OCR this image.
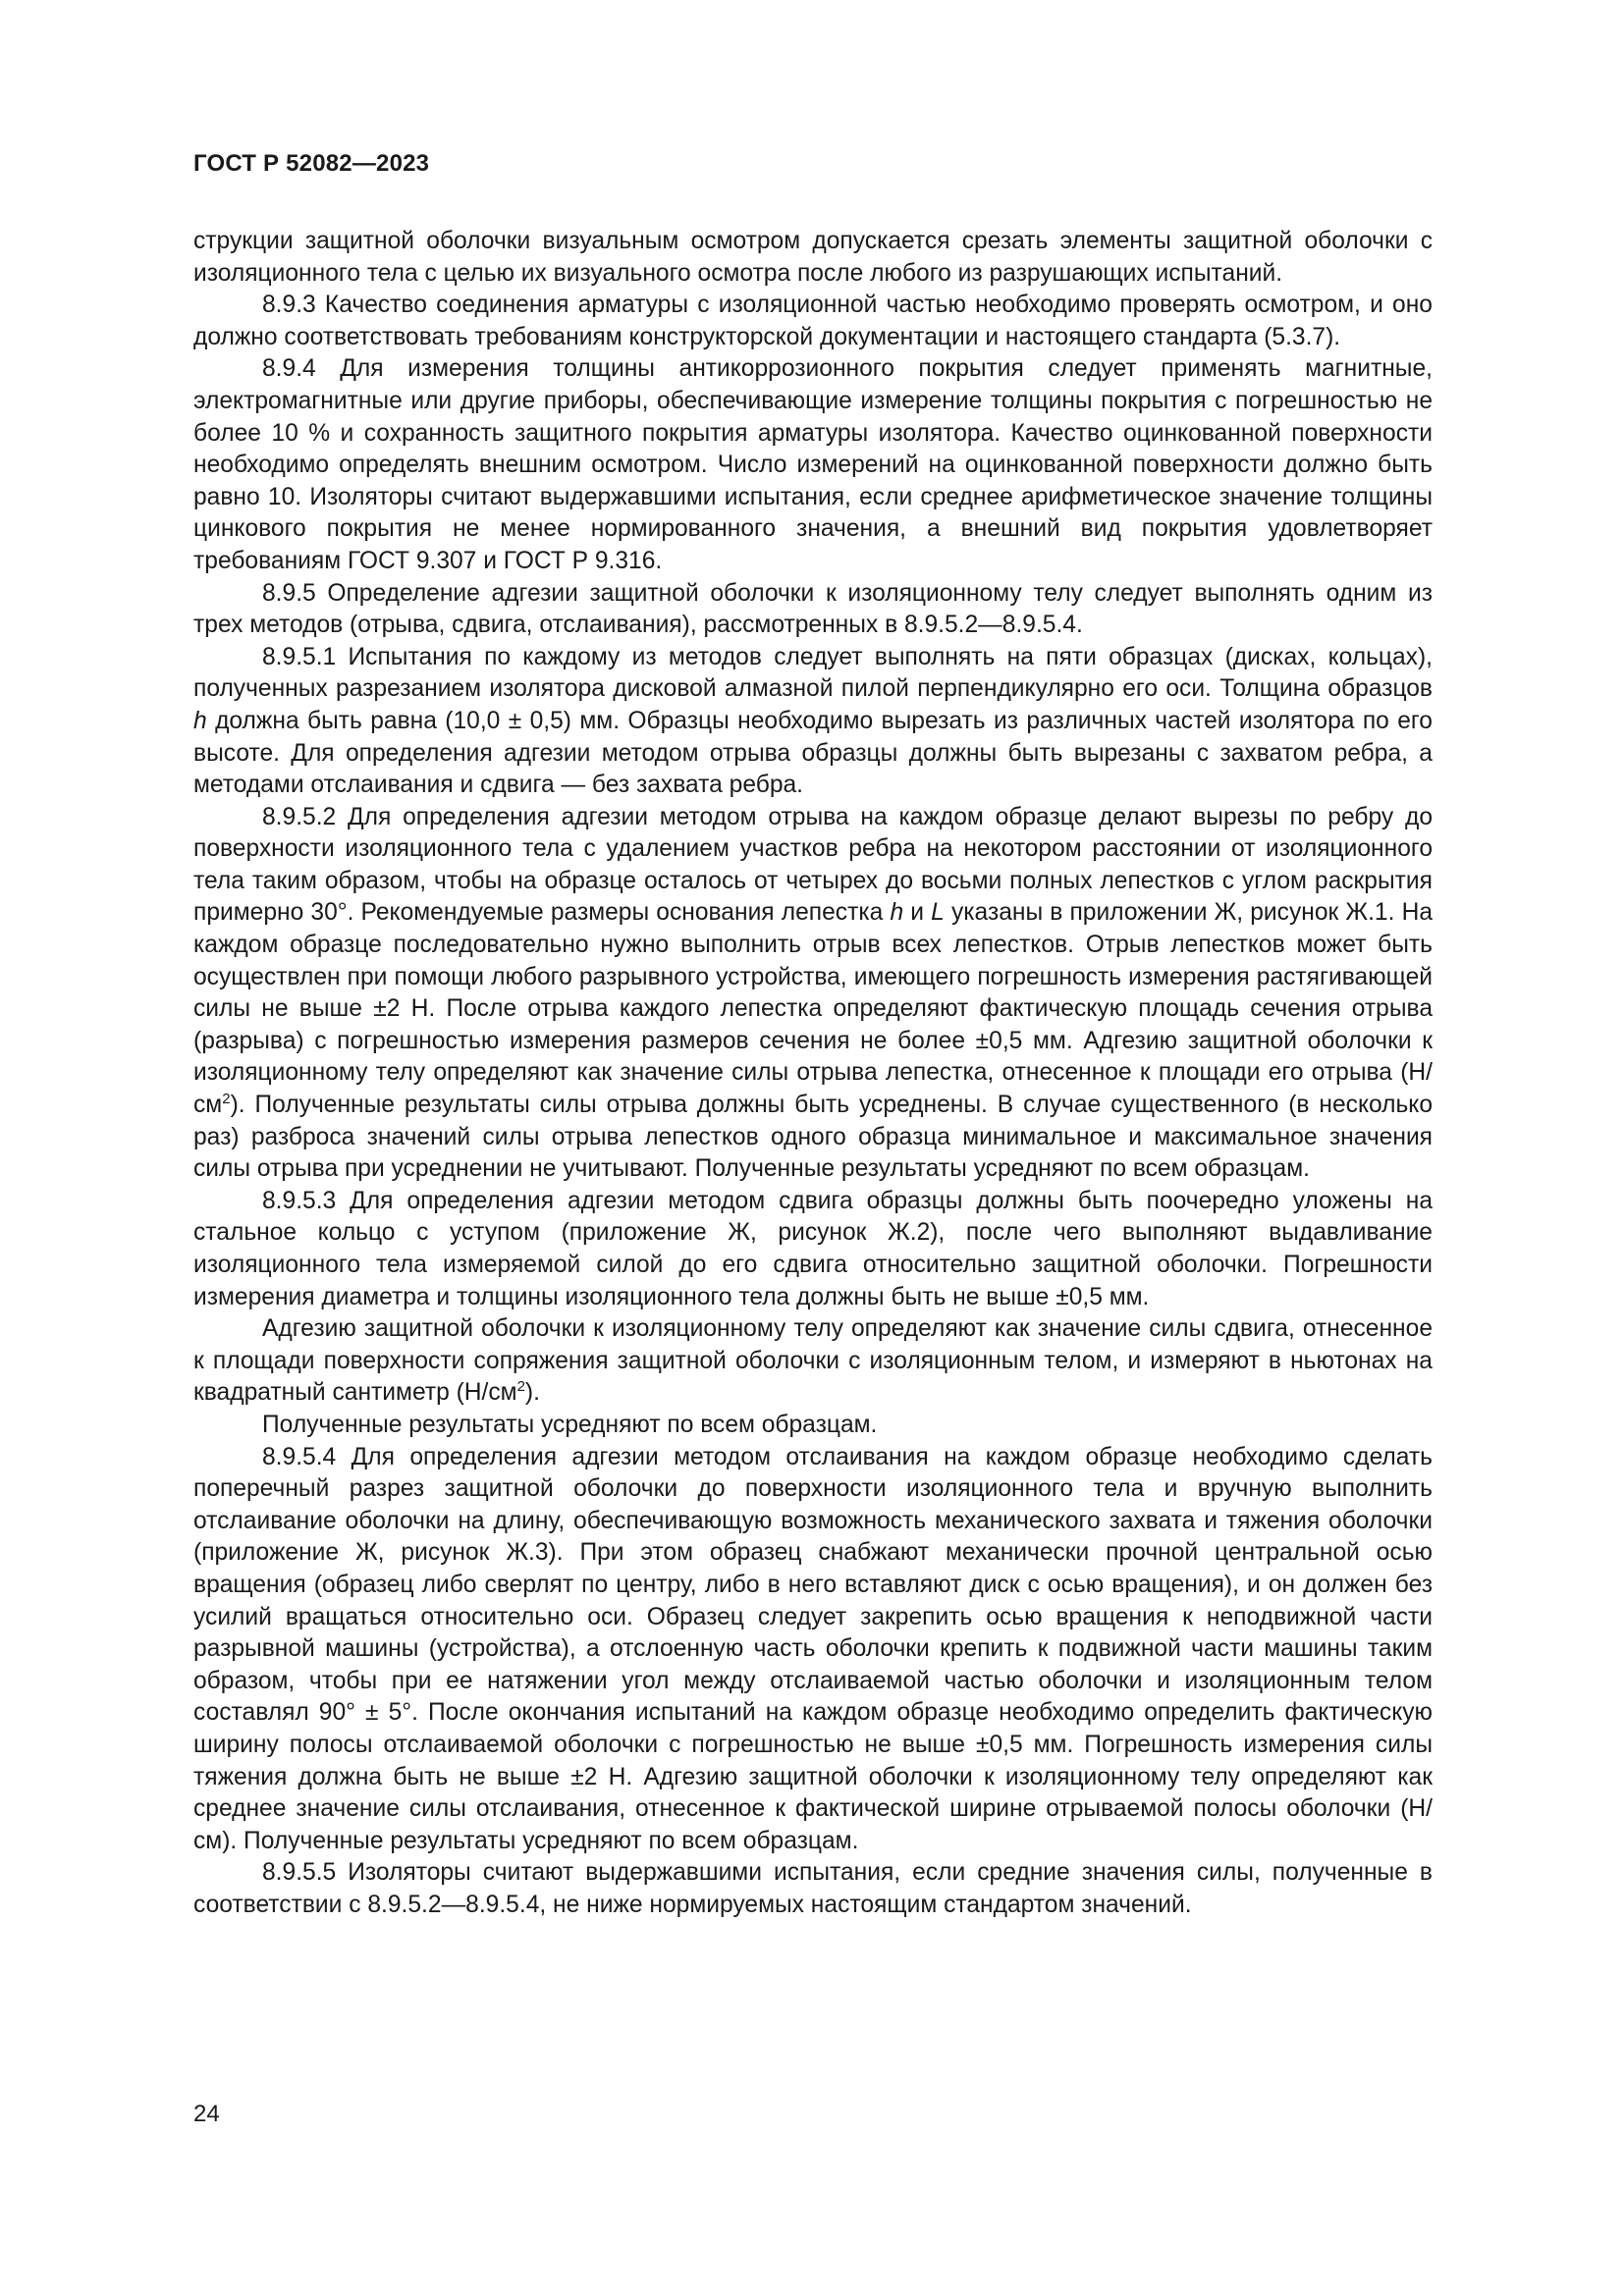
ГОСТ Р 52082—2023

струкции защитной оболочки визуальным осмотром допускается срезать элементы защитной оболочки с изоляционного тела с целью их визуального осмотра после любого из разрушающих испытаний.

8.9.3 Качество соединения арматуры с изоляционной частью необходимо проверять осмотром, и оно должно соответствовать требованиям конструкторской документации и настоящего стандарта (5.3.7).

8.9.4 Для измерения толщины антикоррозионного покрытия следует применять магнитные, электромагнитные или другие приборы, обеспечивающие измерение толщины покрытия с погрешностью не более 10 % и сохранность защитного покрытия арматуры изолятора. Качество оцинкованной поверхности необходимо определять внешним осмотром. Число измерений на оцинкованной поверхности должно быть равно 10. Изоляторы считают выдержавшими испытания, если среднее арифметическое значение толщины цинкового покрытия не менее нормированного значения, а внешний вид покрытия удовлетворяет требованиям ГОСТ 9.307 и ГОСТ Р 9.316.

8.9.5 Определение адгезии защитной оболочки к изоляционному телу следует выполнять одним из трех методов (отрыва, сдвига, отслаивания), рассмотренных в 8.9.5.2—8.9.5.4.

8.9.5.1 Испытания по каждому из методов следует выполнять на пяти образцах (дисках, кольцах), полученных разрезанием изолятора дисковой алмазной пилой перпендикулярно его оси. Толщина образцов h должна быть равна (10,0 ± 0,5) мм. Образцы необходимо вырезать из различных частей изолятора по его высоте. Для определения адгезии методом отрыва образцы должны быть вырезаны с захватом ребра, а методами отслаивания и сдвига — без захвата ребра.

8.9.5.2 Для определения адгезии методом отрыва на каждом образце делают вырезы по ребру до поверхности изоляционного тела с удалением участков ребра на некотором расстоянии от изоляционного тела таким образом, чтобы на образце осталось от четырех до восьми полных лепестков с углом раскрытия примерно 30°. Рекомендуемые размеры основания лепестка h и L указаны в приложении Ж, рисунок Ж.1. На каждом образце последовательно нужно выполнить отрыв всех лепестков. Отрыв лепестков может быть осуществлен при помощи любого разрывного устройства, имеющего погрешность измерения растягивающей силы не выше ±2 Н. После отрыва каждого лепестка определяют фактическую площадь сечения отрыва (разрыва) с погрешностью измерения размеров сечения не более ±0,5 мм. Адгезию защитной оболочки к изоляционному телу определяют как значение силы отрыва лепестка, отнесенное к площади его отрыва $(Н/см^2)$. Полученные результаты силы отрыва должны быть усреднены. В случае существенного (в несколько раз) разброса значений силы отрыва лепестков одного образца минимальное и максимальное значения силы отрыва при усреднении не учитывают. Полученные результаты усредняют по всем образцам.

8.9.5.3 Для определения адгезии методом сдвига образцы должны быть поочередно уложены на стальное кольцо с уступом (приложение Ж, рисунок Ж.2), после чего выполняют выдавливание изоляционного тела измеряемой силой до его сдвига относительно защитной оболочки. Погрешности измерения диаметра и толщины изоляционного тела должны быть не выше ±0,5 мм.

Адгезию защитной оболочки к изоляционному телу определяют как значение силы сдвига, отнесенное к площади поверхности сопряжения защитной оболочки с изоляционным телом, и измеряют в ньютонах на квадратный сантиметр $(Н/см^2)$.

Полученные результаты усредняют по всем образцам.

8.9.5.4 Для определения адгезии методом отслаивания на каждом образце необходимо сделать поперечный разрез защитной оболочки до поверхности изоляционного тела и вручную выполнить отслаивание оболочки на длину, обеспечивающую возможность механического захвата и тяжения оболочки (приложение Ж, рисунок Ж.3). При этом образец снабжают механически прочной центральной осью вращения (образец либо сверлят по центру, либо в него вставляют диск с осью вращения), и он должен без усилий вращаться относительно оси. Образец следует закрепить осью вращения к неподвижной части разрывной машины (устройства), а отслоенную часть оболочки крепить к подвижной части машины таким образом, чтобы при ее натяжении угол между отслаиваемой частью оболочки и изоляционным телом составлял 90° ± 5°. После окончания испытаний на каждом образце необходимо определить фактическую ширину полосы отслаиваемой оболочки с погрешностью не выше ±0,5 мм. Погрешность измерения силы тяжения должна быть не выше ±2 Н. Адгезию защитной оболочки к изоляционному телу определяют как среднее значение силы отслаивания, отнесенное к фактической ширине отрываемой полосы оболочки (Н/см). Полученные результаты усредняют по всем образцам.

8.9.5.5 Изоляторы считают выдержавшими испытания, если средние значения силы, полученные в соответствии с 8.9.5.2—8.9.5.4, не ниже нормируемых настоящим стандартом значений.

24
